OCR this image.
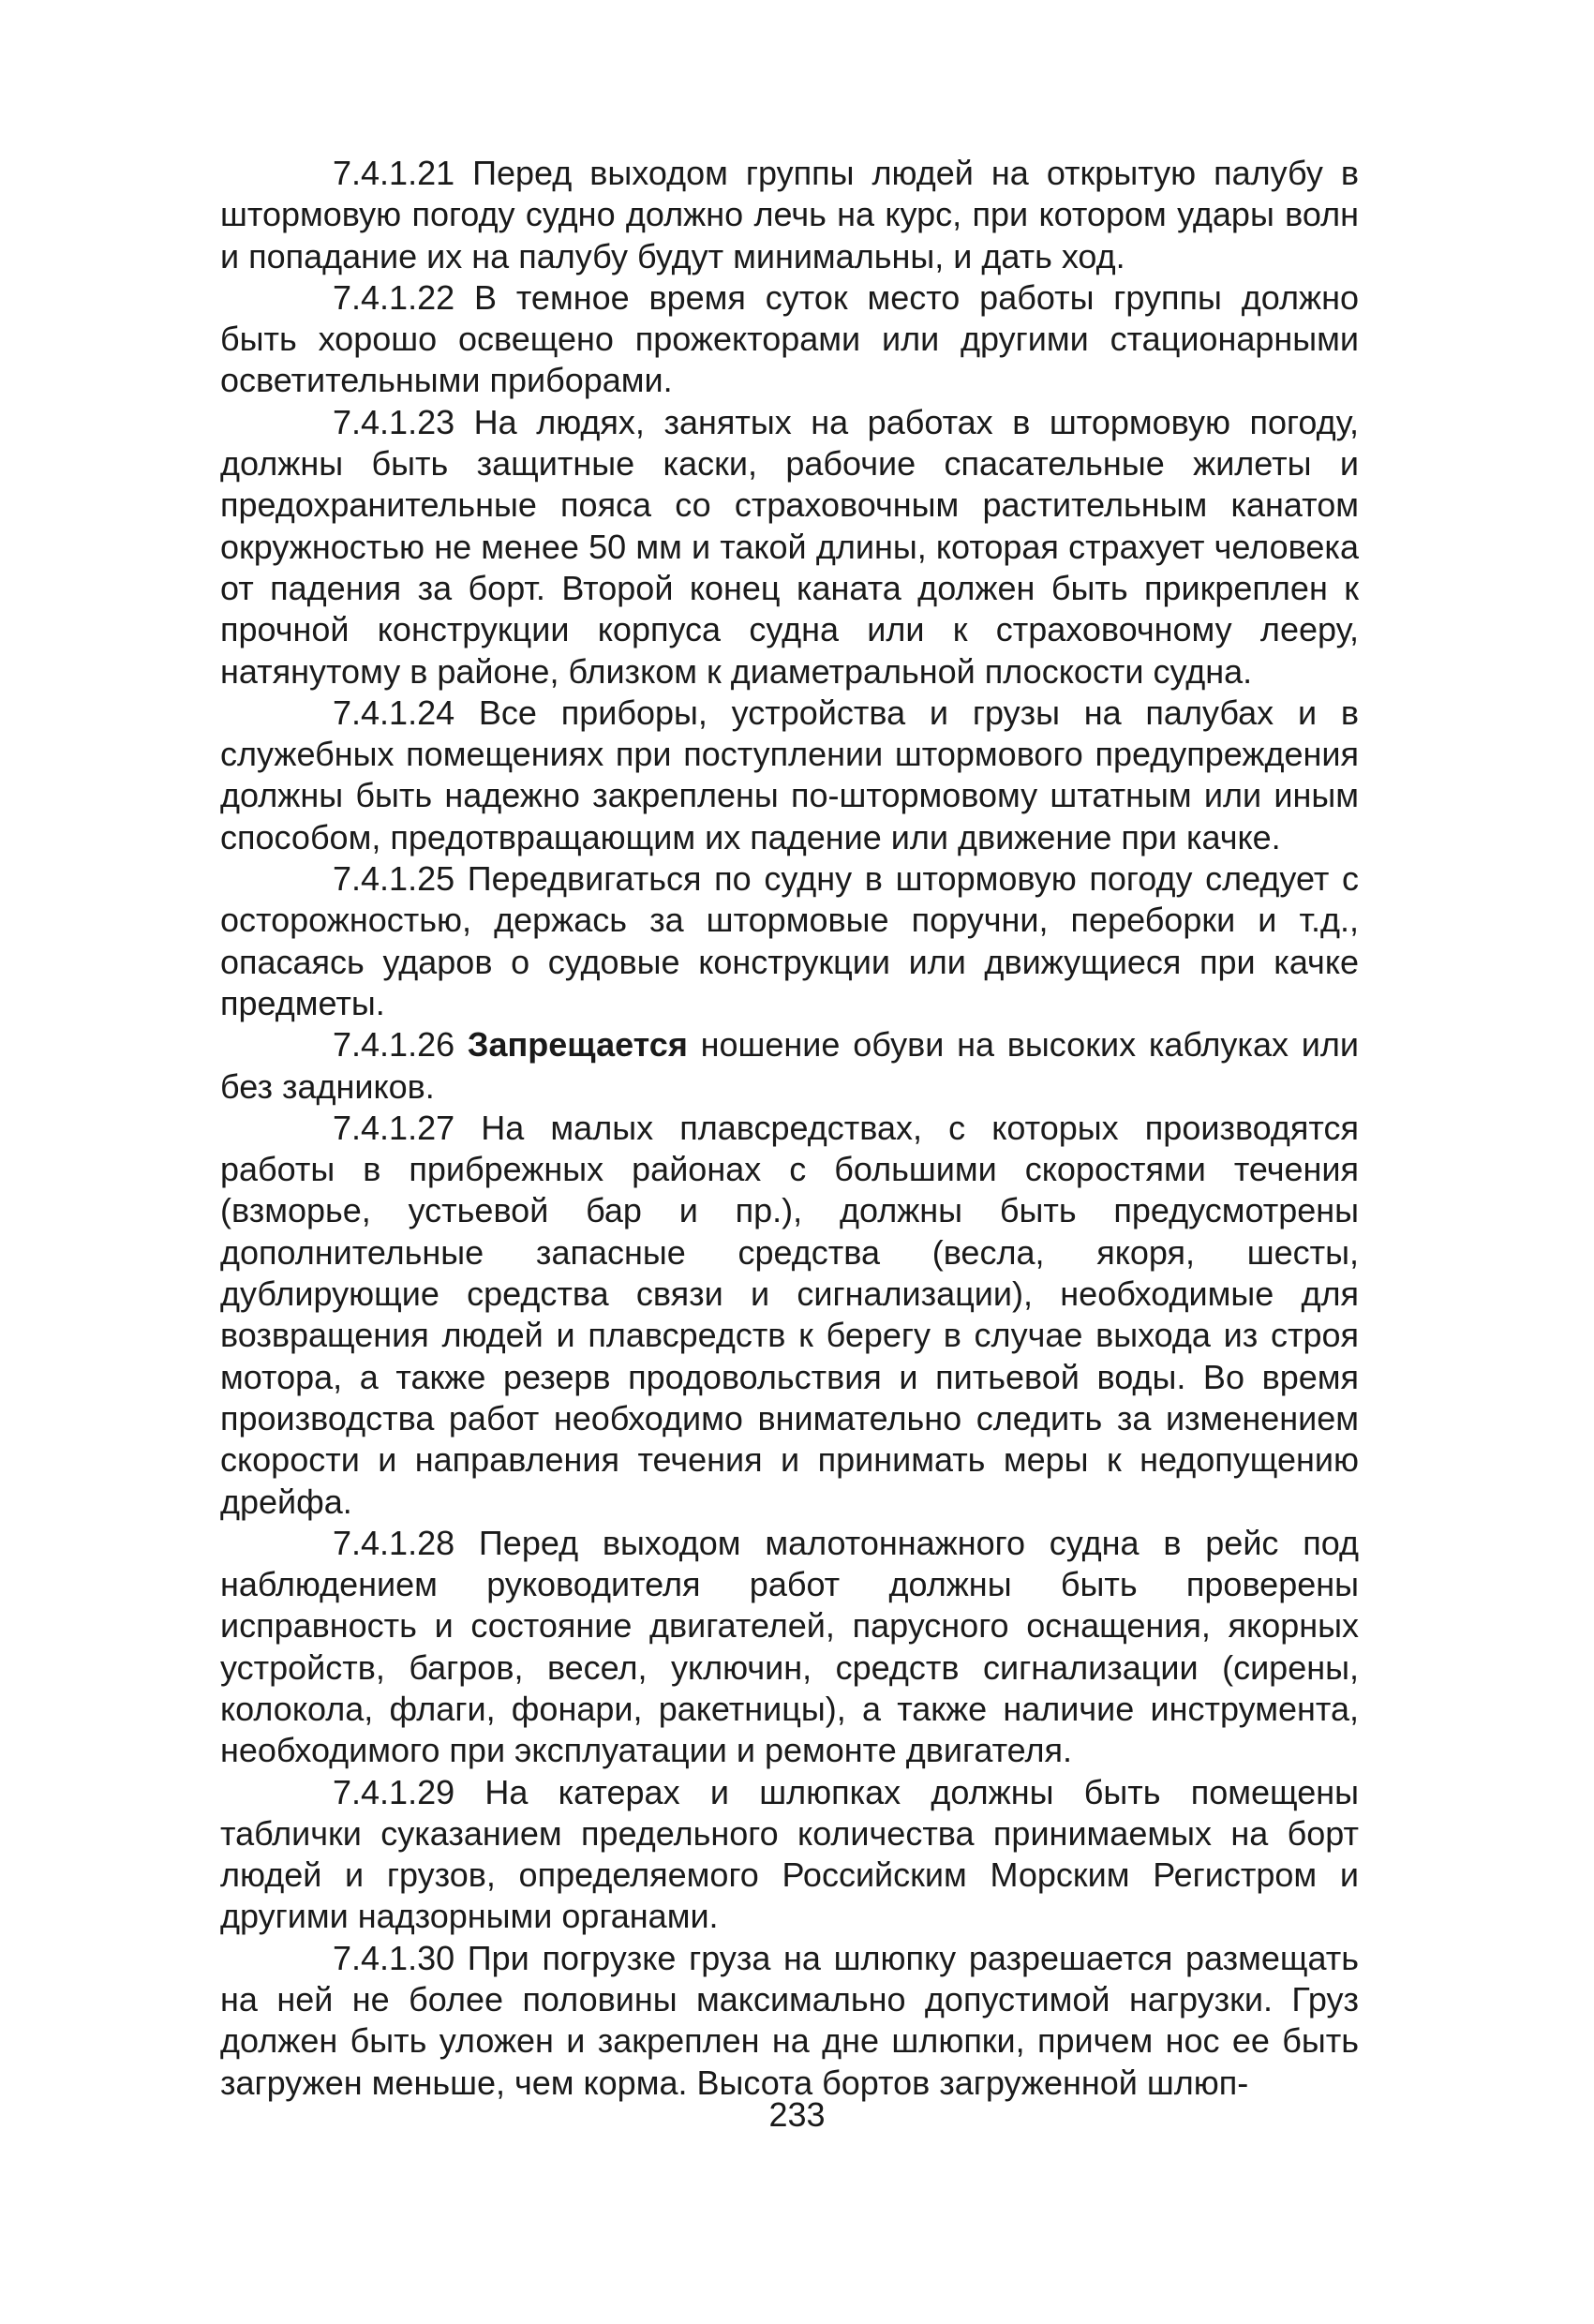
7.4.1.21 Перед выходом группы людей на открытую палубу в штормовую погоду судно должно лечь на курс, при котором удары волн и попадание их на палубу будут минимальны, и дать ход.

7.4.1.22 В темное время суток место работы группы должно быть хорошо освещено прожекторами или другими стационарными осветительными приборами.

7.4.1.23 На людях, занятых на работах в штормовую погоду, должны быть защитные каски, рабочие спасательные жилеты и предохранительные пояса со страховочным растительным канатом окружностью не менее 50 мм и такой длины, которая страхует человека от падения за борт. Второй конец каната должен быть прикреплен к прочной конструкции корпуса судна или к страховочному лееру, натянутому в районе, близком к диаметральной плоскости судна.

7.4.1.24 Все приборы, устройства и грузы на палубах и в служебных помещениях при поступлении штормового предупреждения должны быть надежно закреплены по-штормовому штатным или иным способом, предотвращающим их падение или движение при качке.

7.4.1.25 Передвигаться по судну в штормовую погоду следует с осторожностью, держась за штормовые поручни, переборки и т.д., опасаясь ударов о судовые конструкции или движущиеся при качке предметы.

7.4.1.26 Запрещается ношение обуви на высоких каблуках или без задников.

7.4.1.27 На малых плавсредствах, с которых производятся работы в прибрежных районах с большими скоростями течения (взморье, устьевой бар и пр.), должны быть предусмотрены дополнительные запасные средства (весла, якоря, шесты, дублирующие средства связи и сигнализации), необходимые для возвращения людей и плавсредств к берегу в случае выхода из строя мотора, а также резерв продовольствия и питьевой воды. Во время производства работ необходимо внимательно следить за изменением скорости и направления течения и принимать меры к недопущению дрейфа.

7.4.1.28 Перед выходом малотоннажного судна в рейс под наблюдением руководителя работ должны быть проверены исправность и состояние двигателей, парусного оснащения, якорных устройств, багров, весел, уключин, средств сигнализации (сирены, колокола, флаги, фонари, ракетницы), а также наличие инструмента, необходимого при эксплуатации и ремонте двигателя.

7.4.1.29 На катерах и шлюпках должны быть помещены таблички суказанием предельного количества принимаемых на борт людей и грузов, определяемого Российским Морским Регистром и другими надзорными органами.

7.4.1.30 При погрузке груза на шлюпку разрешается размещать на ней не более половины максимально допустимой нагрузки. Груз должен быть уложен и закреплен на дне шлюпки, причем нос ее быть загружен меньше, чем корма. Высота бортов загруженной шлюп-

233
